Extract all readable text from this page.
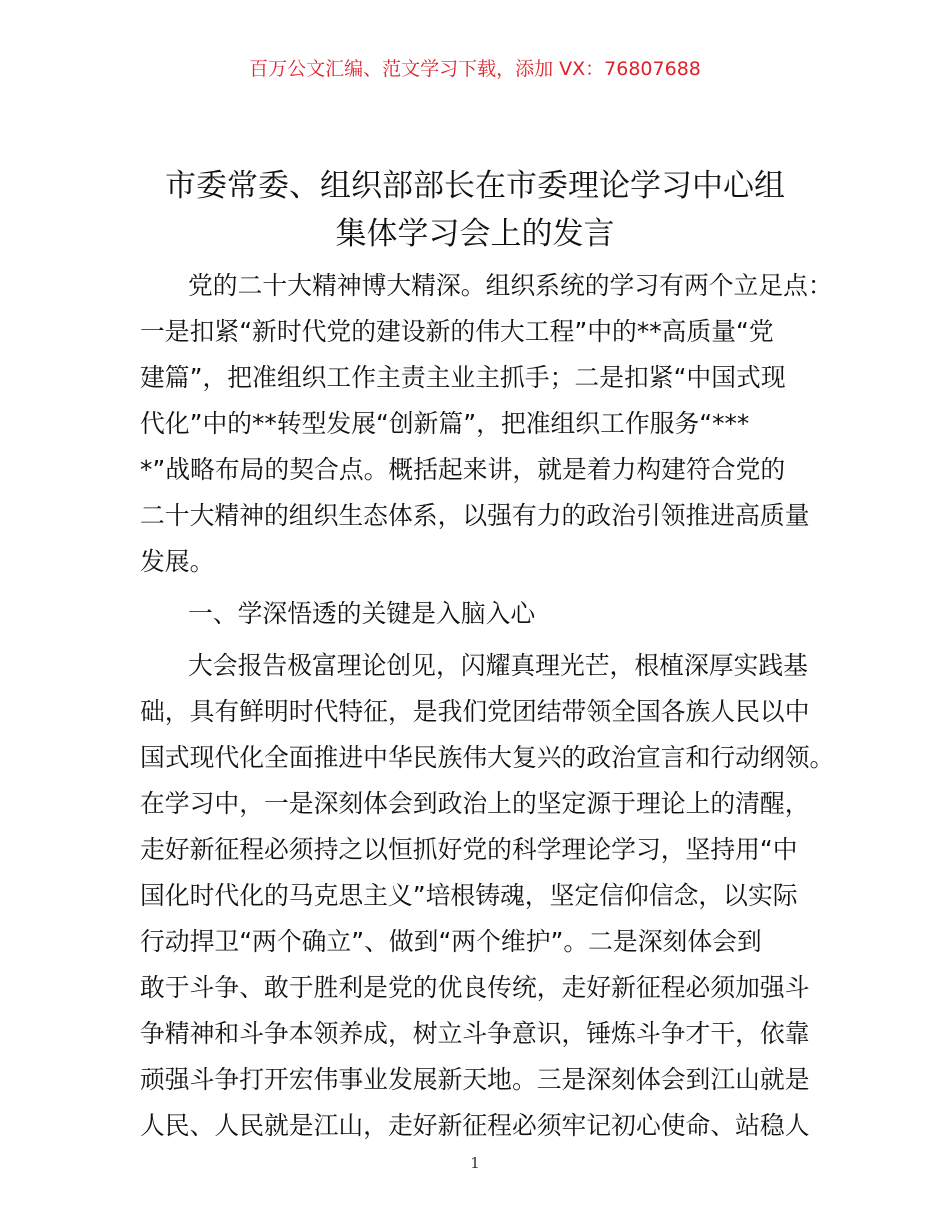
百万公文汇编、范文学习下载，添加 VX：76807688
市委常委、组织部部长在市委理论学习中心组
集体学习会上的发言
党的二十大精神博大精深。组织系统的学习有两个立足点：
一是扣紧“新时代党的建设新的伟大工程”中的**高质量“党
建篇”，把准组织工作主责主业主抓手；二是扣紧“中国式现
代化”中的**转型发展“创新篇”，把准组织工作服务“***
*”战略布局的契合点。概括起来讲，就是着力构建符合党的
二十大精神的组织生态体系，以强有力的政治引领推进高质量
发展。
一、学深悟透的关键是入脑入心
大会报告极富理论创见，闪耀真理光芒，根植深厚实践基
础，具有鲜明时代特征，是我们党团结带领全国各族人民以中
国式现代化全面推进中华民族伟大复兴的政治宣言和行动纲领。
在学习中，一是深刻体会到政治上的坚定源于理论上的清醒，
走好新征程必须持之以恒抓好党的科学理论学习，坚持用“中
国化时代化的马克思主义”培根铸魂，坚定信仰信念，以实际
行动捍卫“两个确立”、做到“两个维护”。二是深刻体会到
敢于斗争、敢于胜利是党的优良传统，走好新征程必须加强斗
争精神和斗争本领养成，树立斗争意识，锤炼斗争才干，依靠
顽强斗争打开宏伟事业发展新天地。三是深刻体会到江山就是
人民、人民就是江山，走好新征程必须牢记初心使命、站稳人
1
